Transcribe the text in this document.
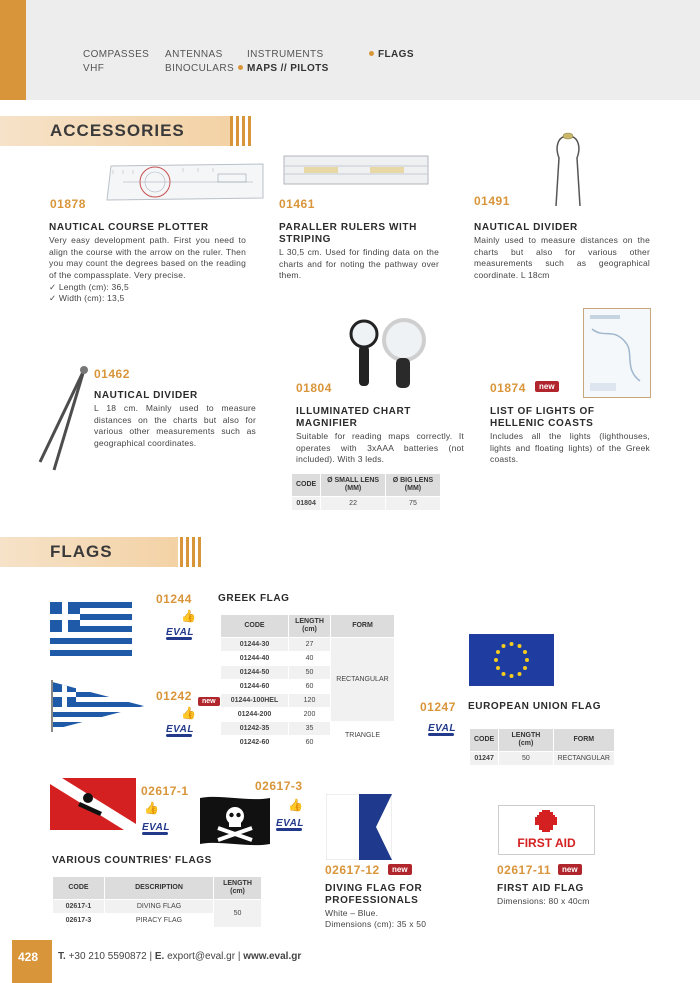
COMPASSES ANTENNAS INSTRUMENTS	FLAGS
VHF	BINOCULARS	MAPS // PILOTS
ACCESSORIES
01878
NAUTICAL COURSE PLOTTER
Very easy development path. First you need to align the course with the arrow on the ruler. Then you may count the degrees based on the reading of the compassplate. Very precise.
✓ Length (cm): 36,5
✓ Width (cm): 13,5
01461
PARALLER RULERS WITH STRIPING
L 30,5 cm. Used for finding data on the charts and for noting the pathway over them.
01491
NAUTICAL DIVIDER
Mainly used to measure distances on the charts but also for various other measurements such as geographical coordinate. L 18cm
01462
NAUTICAL DIVIDER
L 18 cm. Mainly used to measure distances on the charts but also for various other measurements such as geographical coordinates.
01804
ILLUMINATED CHART MAGNIFIER
Suitable for reading maps correctly. It operates with 3xAAA batteries (not included). With 3 leds.
CODE	Ø SMALL LENS (MM)	Ø BIG LENS (MM)
01804	22	75
01874	new
LIST OF LIGHTS OF HELLENIC COASTS
Includes all the lights (lighthouses, lights and floating lights) of the Greek coasts.
FLAGS
01244
👍
EVAL
01242	new
👍
EVAL
GREEK FLAG
CODE	LENGTH (cm)	FORM
01244-30	27	RECTANGULAR
01244-40	40	
01244-50	50	
01244-60	60	
01244-100HEL	120	
01244-200	200	
01242-35	35	TRIANGLE
01242-60	60	
01247 EUROPEAN UNION FLAG
EVAL
CODE	LENGTH (cm)	FORM
01247	50	RECTANGULAR
02617-1
👍
EVAL
02617-3
👍
EVAL
VARIOUS COUNTRIES' FLAGS
CODE	DESCRIPTION	LENGTH (cm)
02617-1	DIVING FLAG	50
02617-3	PIRACY FLAG	
02617-12	new
DIVING FLAG FOR PROFESSIONALS
White – Blue.
Dimensions (cm): 35 x 50
FIRST AID
02617-11	new
FIRST AID FLAG
Dimensions: 80 x 40cm
428 T. +30 210 5590872 | E. export@eval.gr | www.eval.gr
